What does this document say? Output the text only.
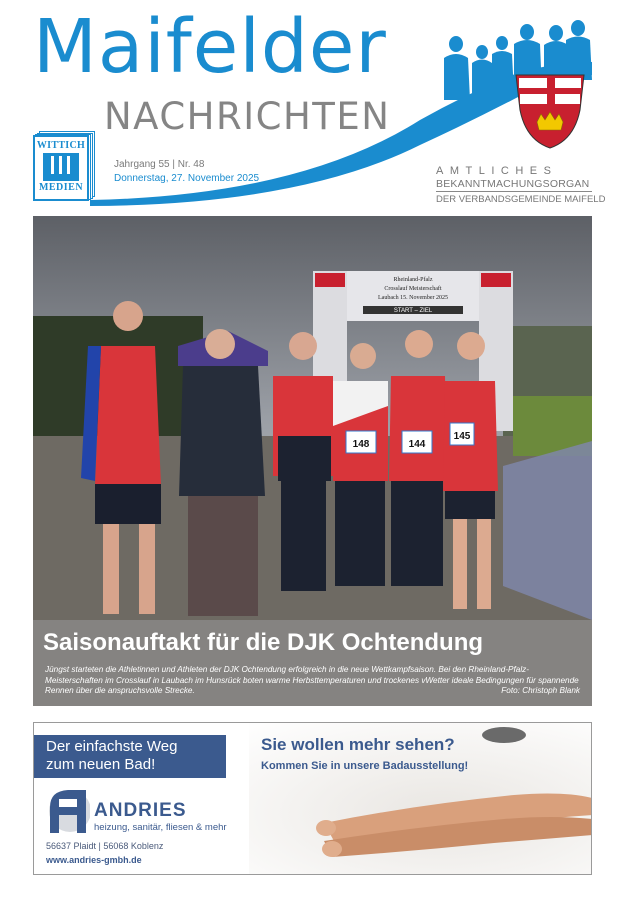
Maifelder
NACHRICHTEN
WITTICH
MEDIEN
Jahrgang 55 | Nr. 48
Donnerstag, 27. November 2025
AMTLICHES
BEKANNTMACHUNGSORGAN
DER VERBANDSGEMEINDE MAIFELD
Rheinland-Pfalz
Crosslauf Meisterschaft
Laubach 15. November 2025
START – ZIEL
148	144
145
Saisonauftakt für die DJK Ochtendung

Jüngst starteten die Athletinnen und Athleten der DJK Ochtendung erfolgreich in die neue Wettkampfsaison. Bei den Rheinland-Pfalz-Meisterschaften im Crosslauf in Laubach im Hunsrück boten warme Herbsttemperaturen und trockenes vWetter ideale Bedingungen für spannende Rennen über die anspruchsvolle Strecke.	Foto: Christoph Blank
Sie wollen mehr sehen?
Kommen Sie in unsere Badausstellung!
Der einfachste Weg
zum neuen Bad!
ANDRIES
heizung, sanitär, fliesen & mehr
56637 Plaidt | 56068 Koblenz
www.andries-gmbh.de
